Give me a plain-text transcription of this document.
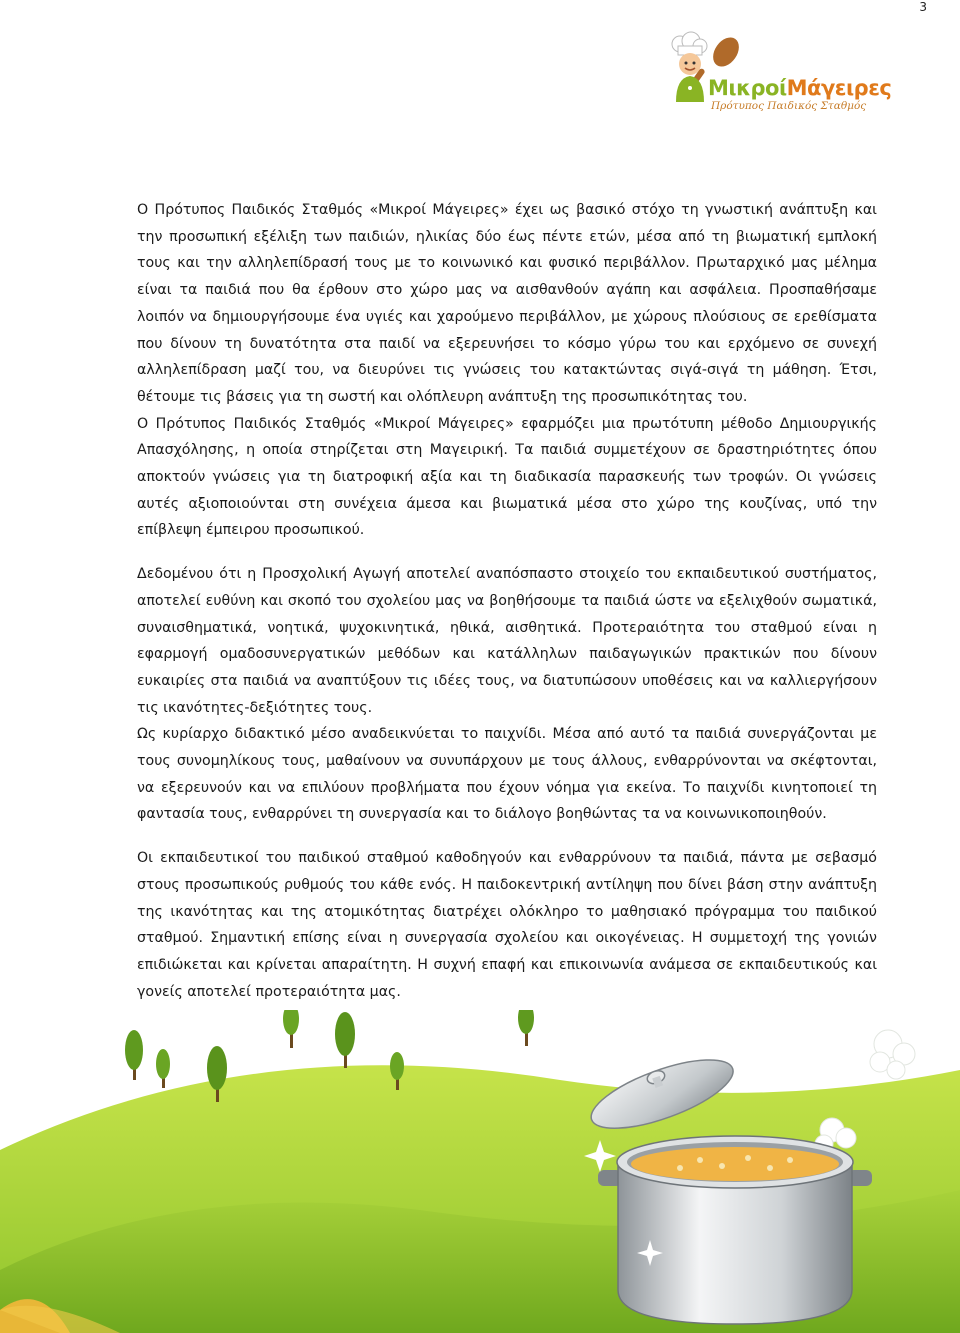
3
ΜικροίΜάγειρες
Πρότυπος Παιδικός Σταθμός

Ο Πρότυπος Παιδικός Σταθμός «Μικροί Μάγειρες» έχει ως βασικό στόχο τη γνωστική ανάπτυξη και την προσωπική εξέλιξη των παιδιών, ηλικίας δύο έως πέντε ετών, μέσα από τη βιωματική εμπλοκή τους και την αλληλεπίδρασή τους με το κοινωνικό και φυσικό περιβάλλον. Πρωταρχικό μας μέλημα είναι τα παιδιά που θα έρθουν στο χώρο μας να αισθανθούν αγάπη και ασφάλεια. Προσπαθήσαμε λοιπόν να δημιουργήσουμε ένα υγιές και χαρούμενο περιβάλλον, με χώρους πλούσιους σε ερεθίσματα που δίνουν τη δυνατότητα στα παιδί να εξερευνήσει το κόσμο γύρω του και ερχόμενο σε συνεχή αλληλεπίδραση μαζί του, να διευρύνει τις γνώσεις του κατακτώντας σιγά-σιγά τη μάθηση. Έτσι, θέτουμε τις βάσεις για τη σωστή και ολόπλευρη ανάπτυξη της προσωπικότητας του.

Ο Πρότυπος Παιδικός Σταθμός «Μικροί Μάγειρες» εφαρμόζει μια πρωτότυπη μέθοδο Δημιουργικής Απασχόλησης, η οποία στηρίζεται στη Μαγειρική. Τα παιδιά συμμετέχουν σε δραστηριότητες όπου αποκτούν γνώσεις για τη διατροφική αξία και τη διαδικασία παρασκευής των τροφών. Οι γνώσεις αυτές αξιοποιούνται στη συνέχεια άμεσα και βιωματικά μέσα στο χώρο της κουζίνας, υπό την επίβλεψη έμπειρου προσωπικού.

Δεδομένου ότι η Προσχολική Αγωγή αποτελεί αναπόσπαστο στοιχείο του εκπαιδευτικού συστήματος, αποτελεί ευθύνη και σκοπό του σχολείου μας να βοηθήσουμε τα παιδιά ώστε να εξελιχθούν σωματικά, συναισθηματικά, νοητικά, ψυχοκινητικά, ηθικά, αισθητικά. Προτεραιότητα του σταθμού είναι η εφαρμογή ομαδοσυνεργατικών μεθόδων και κατάλληλων παιδαγωγικών πρακτικών που δίνουν ευκαιρίες στα παιδιά να αναπτύξουν τις ιδέες τους, να διατυπώσουν υποθέσεις και να καλλιεργήσουν τις ικανότητες-δεξιότητες τους.

Ως κυρίαρχο διδακτικό μέσο αναδεικνύεται το παιχνίδι. Μέσα από αυτό τα παιδιά συνεργάζονται με τους συνομηλίκους τους, μαθαίνουν να συνυπάρχουν με τους άλλους, ενθαρρύνονται να σκέφτονται, να εξερευνούν και να επιλύουν προβλήματα που έχουν νόημα για εκείνα. Το παιχνίδι κινητοποιεί τη φαντασία τους, ενθαρρύνει τη συνεργασία και το διάλογο βοηθώντας τα να κοινωνικοποιηθούν.

Οι εκπαιδευτικοί του παιδικού σταθμού καθοδηγούν και ενθαρρύνουν τα παιδιά, πάντα με σεβασμό στους προσωπικούς ρυθμούς του κάθε ενός. Η παιδοκεντρική αντίληψη που δίνει βάση στην ανάπτυξη της ικανότητας και της ατομικότητας διατρέχει ολόκληρο το μαθησιακό πρόγραμμα του παιδικού σταθμού. Σημαντική επίσης είναι η συνεργασία σχολείου και οικογένειας. Η συμμετοχή της γονιών επιδιώκεται και κρίνεται απαραίτητη. Η συχνή επαφή και επικοινωνία ανάμεσα σε εκπαιδευτικούς και γονείς αποτελεί προτεραιότητα μας.
